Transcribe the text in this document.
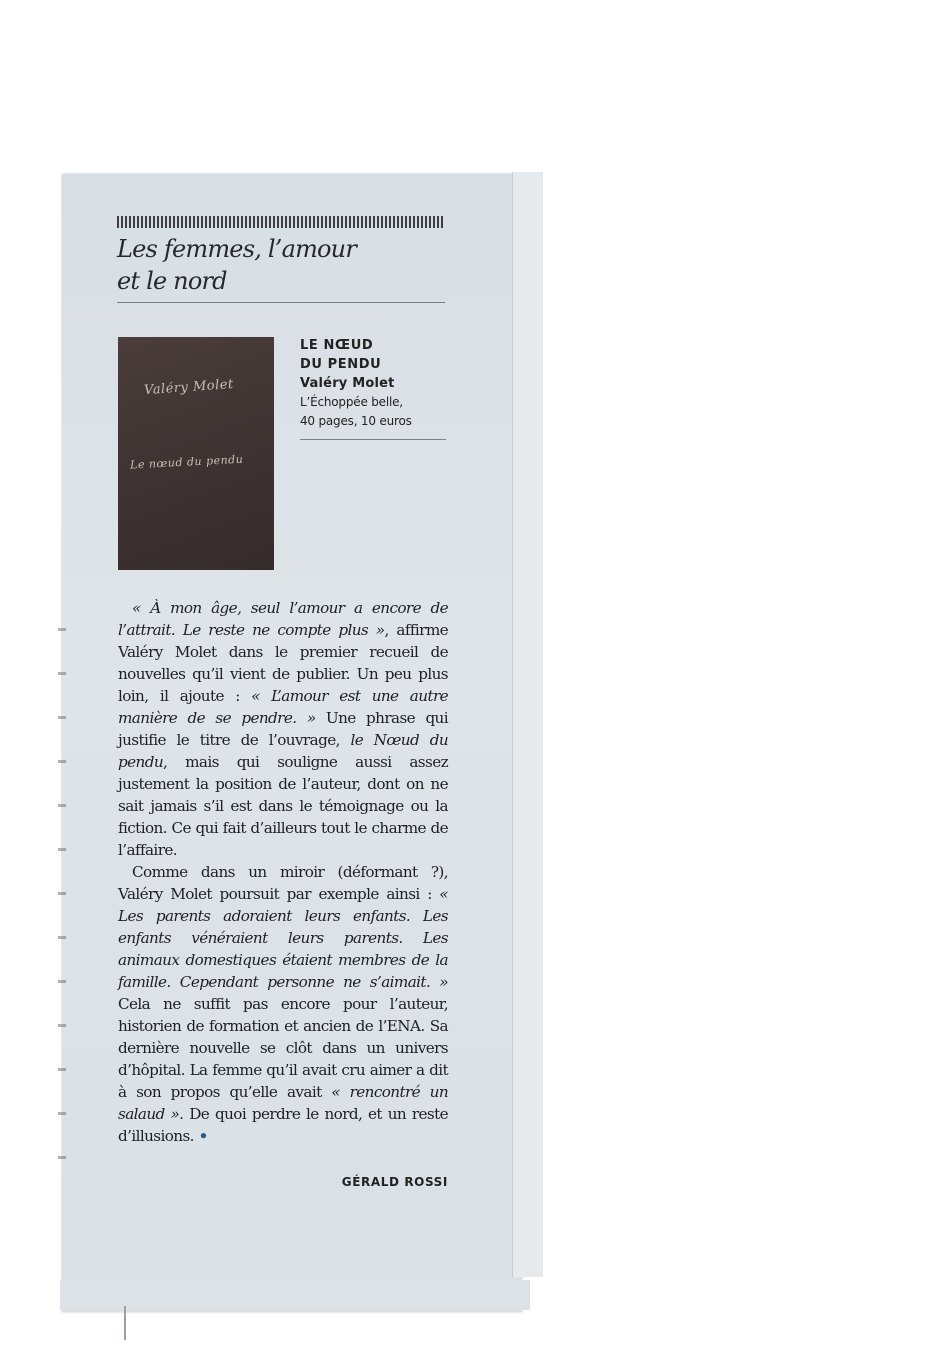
Les femmes, l’amour
et le nord
Valéry Molet
Le nœud du pendu
LE NŒUD
DU PENDU
Valéry Molet
L’Échoppée belle,
40 pages, 10 euros

« À mon âge, seul l’amour a encore de l’attrait. Le reste ne compte plus », affirme Valéry Molet dans le premier recueil de nouvelles qu’il vient de publier. Un peu plus loin, il ajoute : « L’amour est une autre manière de se pendre. » Une phrase qui justifie le titre de l’ouvrage, le Nœud du pendu, mais qui souligne aussi assez justement la position de l’auteur, dont on ne sait jamais s’il est dans le témoignage ou la fiction. Ce qui fait d’ailleurs tout le charme de l’affaire.

Comme dans un miroir (déformant ?), Valéry Molet poursuit par exemple ainsi : « Les parents adoraient leurs enfants. Les enfants vénéraient leurs parents. Les animaux domestiques étaient membres de la famille. Cependant personne ne s’aimait. » Cela ne suffit pas encore pour l’auteur, historien de formation et ancien de l’ENA. Sa dernière nouvelle se clôt dans un univers d’hôpital. La femme qu’il avait cru aimer a dit à son propos qu’elle avait « rencontré un salaud ». De quoi perdre le nord, et un reste d’illusions. •

GÉRALD ROSSI
